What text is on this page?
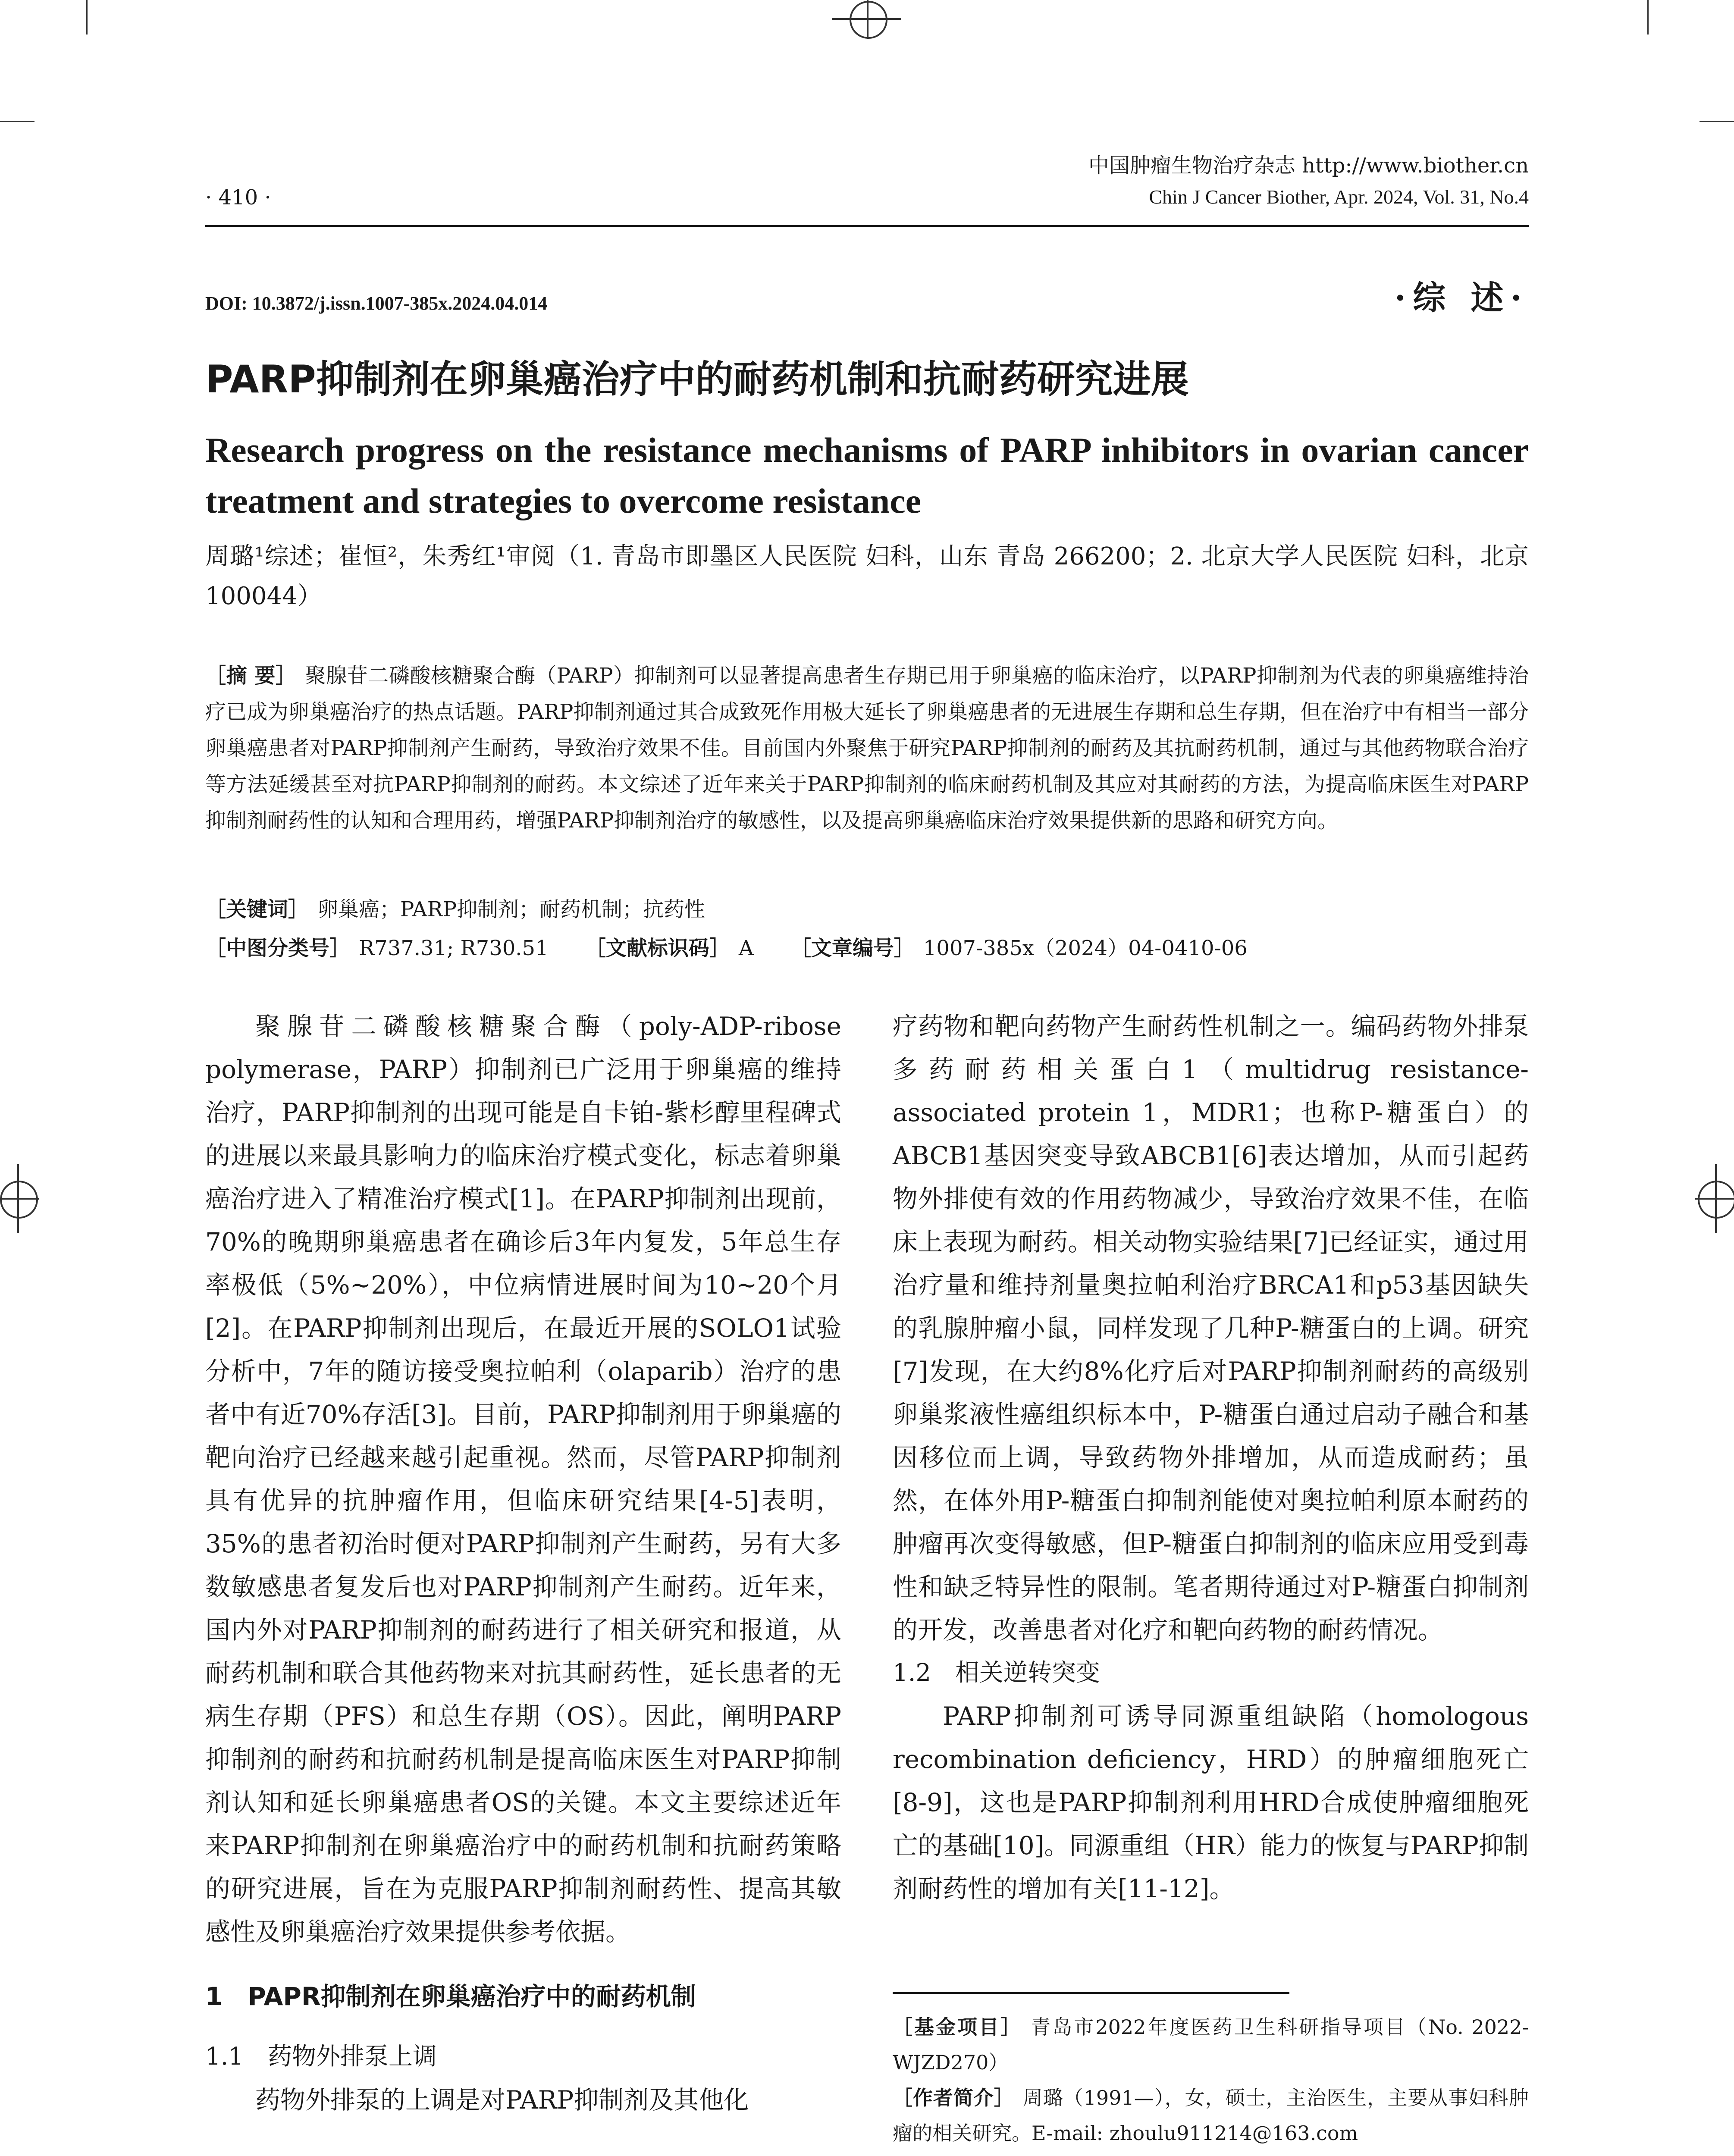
中国肿瘤生物治疗杂志 http://www.biother.cn
· 410 ·	Chin J Cancer Biother, Apr. 2024, Vol. 31, No.4
DOI: 10.3872/j.issn.1007-385x.2024.04.014	·综 述·
PARP抑制剂在卵巢癌治疗中的耐药机制和抗耐药研究进展
Research progress on the resistance mechanisms of PARP inhibitors in ovarian cancer treatment and strategies to overcome resistance
周璐¹综述；崔恒²，朱秀红¹审阅（1. 青岛市即墨区人民医院 妇科，山东 青岛 266200；2. 北京大学人民医院 妇科，北京 100044）
［摘 要］ 聚腺苷二磷酸核糖聚合酶（PARP）抑制剂可以显著提高患者生存期已用于卵巢癌的临床治疗，以PARP抑制剂为代表的卵巢癌维持治疗已成为卵巢癌治疗的热点话题。PARP抑制剂通过其合成致死作用极大延长了卵巢癌患者的无进展生存期和总生存期，但在治疗中有相当一部分卵巢癌患者对PARP抑制剂产生耐药，导致治疗效果不佳。目前国内外聚焦于研究PARP抑制剂的耐药及其抗耐药机制，通过与其他药物联合治疗等方法延缓甚至对抗PARP抑制剂的耐药。本文综述了近年来关于PARP抑制剂的临床耐药机制及其应对其耐药的方法，为提高临床医生对PARP抑制剂耐药性的认知和合理用药，增强PARP抑制剂治疗的敏感性，以及提高卵巢癌临床治疗效果提供新的思路和研究方向。
［关键词］ 卵巢癌；PARP抑制剂；耐药机制；抗药性
［中图分类号］ R737.31; R730.51 ［文献标识码］ A ［文章编号］ 1007-385x（2024）04-0410-06

聚腺苷二磷酸核糖聚合酶（poly-ADP-ribose polymerase，PARP）抑制剂已广泛用于卵巢癌的维持治疗，PARP抑制剂的出现可能是自卡铂-紫杉醇里程碑式的进展以来最具影响力的临床治疗模式变化，标志着卵巢癌治疗进入了精准治疗模式[1]。在PARP抑制剂出现前，70%的晚期卵巢癌患者在确诊后3年内复发，5年总生存率极低（5%~20%），中位病情进展时间为10~20个月[2]。在PARP抑制剂出现后，在最近开展的SOLO1试验分析中，7年的随访接受奥拉帕利（olaparib）治疗的患者中有近70%存活[3]。目前，PARP抑制剂用于卵巢癌的靶向治疗已经越来越引起重视。然而，尽管PARP抑制剂具有优异的抗肿瘤作用，但临床研究结果[4-5]表明，35%的患者初治时便对PARP抑制剂产生耐药，另有大多数敏感患者复发后也对PARP抑制剂产生耐药。近年来，国内外对PARP抑制剂的耐药进行了相关研究和报道，从耐药机制和联合其他药物来对抗其耐药性，延长患者的无病生存期（PFS）和总生存期（OS）。因此，阐明PARP抑制剂的耐药和抗耐药机制是提高临床医生对PARP抑制剂认知和延长卵巢癌患者OS的关键。本文主要综述近年来PARP抑制剂在卵巢癌治疗中的耐药机制和抗耐药策略的研究进展，旨在为克服PARP抑制剂耐药性、提高其敏感性及卵巢癌治疗效果提供参考依据。

1　PAPR抑制剂在卵巢癌治疗中的耐药机制

1.1　药物外排泵上调

药物外排泵的上调是对PARP抑制剂及其他化

疗药物和靶向药物产生耐药性机制之一。编码药物外排泵多药耐药相关蛋白1（multidrug resistance-associated protein 1，MDR1；也称P-糖蛋白）的ABCB1基因突变导致ABCB1[6]表达增加，从而引起药物外排使有效的作用药物减少，导致治疗效果不佳，在临床上表现为耐药。相关动物实验结果[7]已经证实，通过用治疗量和维持剂量奥拉帕利治疗BRCA1和p53基因缺失的乳腺肿瘤小鼠，同样发现了几种P-糖蛋白的上调。研究[7]发现，在大约8%化疗后对PARP抑制剂耐药的高级别卵巢浆液性癌组织标本中，P-糖蛋白通过启动子融合和基因移位而上调，导致药物外排增加，从而造成耐药；虽然，在体外用P-糖蛋白抑制剂能使对奥拉帕利原本耐药的肿瘤再次变得敏感，但P-糖蛋白抑制剂的临床应用受到毒性和缺乏特异性的限制。笔者期待通过对P-糖蛋白抑制剂的开发，改善患者对化疗和靶向药物的耐药情况。

1.2　相关逆转突变

PARP抑制剂可诱导同源重组缺陷（homologous recombination deficiency，HRD）的肿瘤细胞死亡[8-9]，这也是PARP抑制剂利用HRD合成使肿瘤细胞死亡的基础[10]。同源重组（HR）能力的恢复与PARP抑制剂耐药性的增加有关[11-12]。

［基金项目］ 青岛市2022年度医药卫生科研指导项目（No. 2022-WJZD270）
［作者简介］ 周璐（1991—），女，硕士，主治医生，主要从事妇科肿瘤的相关研究。E-mail: zhoulu911214@163.com
